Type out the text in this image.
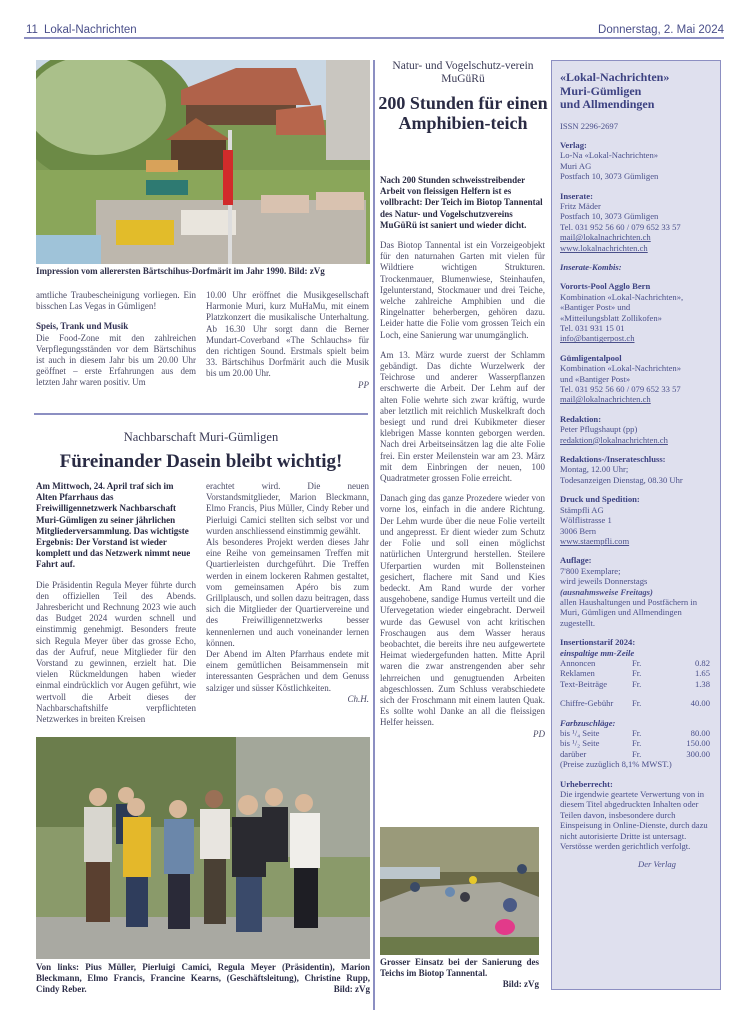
11 Lokal-Nachrichten	Donnerstag, 2. Mai 2024
Impression vom allerersten Bärtschihus-Dorfmärit im Jahr 1990. Bild: zVg

amtliche Traubescheinigung vorliegen. Ein bisschen Las Vegas in Gümligen!

Speis, Trank und Musik

Die Food-Zone mit den zahlreichen Verpflegungsständen vor dem Bärtschihus ist auch in diesem Jahr bis um 20.00 Uhr geöffnet – erste Erfahrungen aus dem letzten Jahr waren positiv. Um

10.00 Uhr eröffnet die Musikgesellschaft Harmonie Muri, kurz MuHaMu, mit einem Platzkonzert die musikalische Unterhaltung. Ab 16.30 Uhr sorgt dann die Berner Mundart-Coverband «The Schlauchs» für den richtigen Sound. Erstmals spielt beim 33. Bärtschihus Dorfmärit auch die Musik bis um 20.00 Uhr.

PP

Nachbarschaft Muri-Gümligen
Füreinander Dasein bleibt wichtig!

Am Mittwoch, 24. April traf sich im Alten Pfarrhaus das Freiwilligennetzwerk Nachbarschaft Muri-Gümligen zu seiner jährlichen Mitgliederversammlung. Das wichtigste Ergebnis: Der Vorstand ist wieder komplett und das Netzwerk nimmt neue Fahrt auf.

Die Präsidentin Regula Meyer führte durch den offiziellen Teil des Abends. Jahresbericht und Rechnung 2023 wie auch das Budget 2024 wurden schnell und einstimmig genehmigt. Besonders freute sich Regula Meyer über das grosse Echo, das der Aufruf, neue Mitglieder für den Vorstand zu gewinnen, erzielt hat. Die vielen Rückmeldungen haben wieder einmal eindrücklich vor Augen geführt, wie wertvoll die Arbeit dieses der Nachbarschaftshilfe verpflichteten Netzwerkes in breiten Kreisen

erachtet wird. Die neuen Vorstandsmitglieder, Marion Bleckmann, Elmo Francis, Pius Müller, Cindy Reber und Pierluigi Camici stellten sich selbst vor und wurden anschliessend einstimmig gewählt.

Als besonderes Projekt werden dieses Jahr eine Reihe von gemeinsamen Treffen mit Quartierleisten durchgeführt. Die Treffen werden in einem lockeren Rahmen gestaltet, vom gemeinsamen Apéro bis zum Grillplausch, und sollen dazu beitragen, dass sich die Mitglieder der Quartiervereine und des Freiwilligennetzwerks besser kennenlernen und auch voneinander lernen können.

Der Abend im Alten Pfarrhaus endete mit einem gemütlichen Beisammensein mit interessanten Gesprächen und dem Genuss salziger und süsser Köstlichkeiten.

Ch.H.

Von links: Pius Müller, Pierluigi Camici, Regula Meyer (Präsidentin), Marion Bleckmann, Elmo Francis, Francine Kearns, (Geschäftsleitung), Christine Rupp, Cindy Reber.	Bild: zVg
Natur- und Vogelschutz-verein MuGüRü
200 Stunden für einen Amphibien-teich

Nach 200 Stunden schweisstreibender Arbeit von fleissigen Helfern ist es vollbracht: Der Teich im Biotop Tannental des Natur- und Vogelschutzvereins MuGüRü ist saniert und wieder dicht.

Das Biotop Tannental ist ein Vorzeigeobjekt für den naturnahen Garten mit vielen für Wildtiere wichtigen Strukturen. Trockenmauer, Blumenwiese, Steinhaufen, Igelunterstand, Stockmauer und drei Teiche, welche zahlreiche Amphibien und die Ringelnatter beherbergen, gehören dazu. Leider hatte die Folie vom grossen Teich ein Loch, eine Sanierung war unumgänglich.

Am 13. März wurde zuerst der Schlamm gebändigt. Das dichte Wurzelwerk der Teichrose und anderer Wasserpflanzen erschwerte die Arbeit. Der Lehm auf der alten Folie wehrte sich zwar kräftig, wurde aber letztlich mit reichlich Muskelkraft doch besiegt und rund drei Kubikmeter dieser klebrigen Masse konnten geborgen werden. Nach drei Arbeitseinsätzen lag die alte Folie frei. Ein erster Meilenstein war am 23. März mit dem Einbringen der neuen, 100 Quadratmeter grossen Folie erreicht.

Danach ging das ganze Prozedere wieder von vorne los, einfach in die andere Richtung. Der Lehm wurde über die neue Folie verteilt und angepresst. Er dient wieder zum Schutz der Folie und soll einen möglichst natürlichen Untergrund herstellen. Steilere Uferpartien wurden mit Bollensteinen gesichert, flachere mit Sand und Kies bedeckt. Am Rand wurde der vorher ausgehobene, sandige Humus verteilt und die Ufervegetation wieder eingebracht. Derweil wurde das Gewusel von acht kritischen Froschaugen aus dem Wasser heraus beobachtet, die bereits ihre neu aufgewertete Heimat wiedergefunden hatten. Mitte April waren die zwar anstrengenden aber sehr lehrreichen und genugtuenden Arbeiten abgeschlossen. Zum Schluss verabschiedete sich der Froschmann mit einem lauten Quak. Es sollte wohl Danke an all die fleissigen Helfer heissen.

PD

Grosser Einsatz bei der Sanierung des Teichs im Biotop Tannental.

Bild: zVg
«Lokal-Nachrichten»
Muri-Gümligen
und Allmendingen
ISSN 2296-2697
Verlag:
Lo-Na «Lokal-Nachrichten»
Muri AG
Postfach 10, 3073 Gümligen
Inserate:
Fritz Mäder
Postfach 10, 3073 Gümligen
Tel. 031 952 56 60 / 079 652 33 57
mail@lokalnachrichten.ch
www.lokalnachrichten.ch
Inserate-Kombis:
Vororts-Pool Agglo Bern
Kombination «Lokal-Nachrichten»,
«Bantiger Post» und
«Mitteilungsblatt Zollikofen»
Tel. 031 931 15 01
info@bantigerpost.ch
Gümligentalpool
Kombination «Lokal-Nachrichten»
und «Bantiger Post»
Tel. 031 952 56 60 / 079 652 33 57
mail@lokalnachrichten.ch
Redaktion:
Peter Pflugshaupt (pp)
redaktion@lokalnachrichten.ch
Redaktions-/Inserateschluss:
Montag, 12.00 Uhr;
Todesanzeigen Dienstag, 08.30 Uhr
Druck und Spedition:
Stämpfli AG
Wölflistrasse 1
3006 Bern
www.staempfli.com
Auflage:
7'800 Exemplare;
wird jeweils Donnerstags
(ausnahmsweise Freitags)
allen Haushaltungen und Postfächern in Muri, Gümligen und Allmendingen zugestellt.
Insertionstarif 2024:
einspaltige mm-Zeile
Annoncen	Fr.	0.82
Reklamen	Fr.	1.65
Text-Beiträge	Fr.	1.38
Chiffre-Gebühr	Fr.	40.00
Farbzuschläge:
bis ¹/₄ Seite	Fr.	80.00
bis ¹/₂ Seite	Fr.	150.00
darüber	Fr.	300.00
(Preise zuzüglich 8,1% MWST.)
Urheberrecht:
Die irgendwie geartete Verwertung von in diesem Titel abgedruckten Inhalten oder Teilen davon, insbesondere durch Einspeisung in Online-Dienste, durch dazu nicht autorisierte Dritte ist untersagt. Verstösse werden gerichtlich verfolgt.
Der Verlag
